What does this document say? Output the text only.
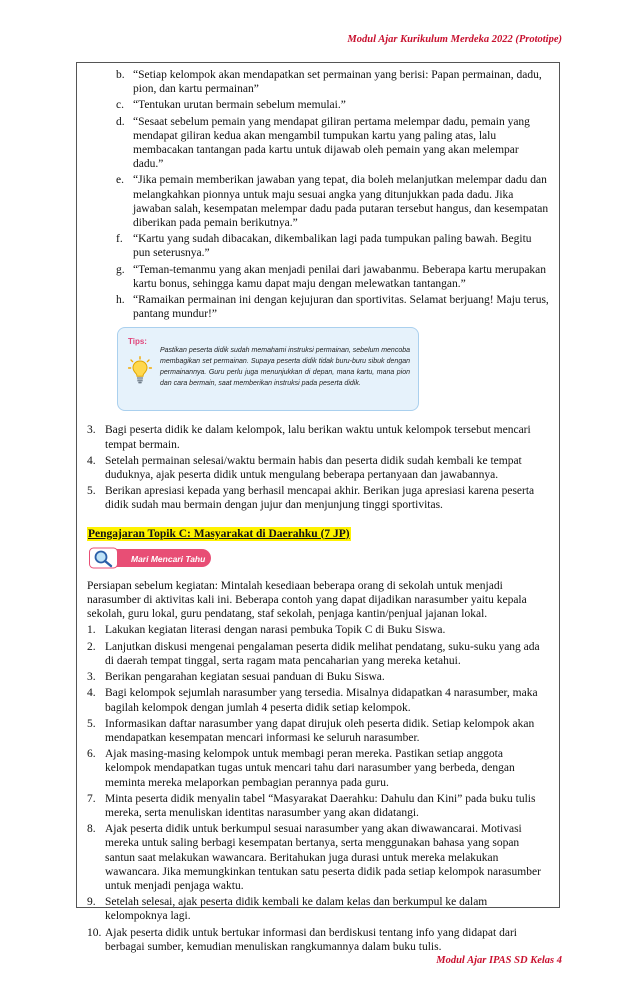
Modul Ajar Kurikulum Merdeka 2022 (Prototipe)
b. “Setiap kelompok akan mendapatkan set permainan yang berisi: Papan permainan, dadu, pion, dan kartu permainan”
c. “Tentukan urutan bermain sebelum memulai.”
d. “Sesaat sebelum pemain yang mendapat giliran pertama melempar dadu, pemain yang mendapat giliran kedua akan mengambil tumpukan kartu yang paling atas, lalu membacakan tantangan pada kartu untuk dijawab oleh pemain yang akan melempar dadu.”
e. “Jika pemain memberikan jawaban yang tepat, dia boleh melanjutkan melempar dadu dan melangkahkan pionnya untuk maju sesuai angka yang ditunjukkan pada dadu. Jika jawaban salah, kesempatan melempar dadu pada putaran tersebut hangus, dan kesempatan diberikan pada pemain berikutnya.”
f. “Kartu yang sudah dibacakan, dikembalikan lagi pada tumpukan paling bawah. Begitu pun seterusnya.”
g. “Teman-temanmu yang akan menjadi penilai dari jawabanmu. Beberapa kartu merupakan kartu bonus, sehingga kamu dapat maju dengan melewatkan tantangan.”
h. “Ramaikan permainan ini dengan kejujuran dan sportivitas. Selamat berjuang! Maju terus, pantang mundur!”
Tips:
Pastikan peserta didik sudah memahami instruksi permainan, sebelum mencoba membagikan set permainan. Supaya peserta didik tidak buru-buru sibuk dengan permainannya. Guru perlu juga menunjukkan di depan, mana kartu, mana pion dan cara bermain, saat memberikan instruksi pada peserta didik.
3. Bagi peserta didik ke dalam kelompok, lalu berikan waktu untuk kelompok tersebut mencari tempat bermain.
4. Setelah permainan selesai/waktu bermain habis dan peserta didik sudah kembali ke tempat duduknya, ajak peserta didik untuk mengulang beberapa pertanyaan dan jawabannya.
5. Berikan apresiasi kepada yang berhasil mencapai akhir. Berikan juga apresiasi karena peserta didik sudah mau bermain dengan jujur dan menjunjung tinggi sportivitas.
Pengajaran Topik C: Masyarakat di Daerahku (7 JP)
Mari Mencari Tahu

Persiapan sebelum kegiatan: Mintalah kesediaan beberapa orang di sekolah untuk menjadi narasumber di aktivitas kali ini. Beberapa contoh yang dapat dijadikan narasumber yaitu kepala sekolah, guru lokal, guru pendatang, staf sekolah, penjaga kantin/penjual jajanan lokal.

1. Lakukan kegiatan literasi dengan narasi pembuka Topik C di Buku Siswa.
2. Lanjutkan diskusi mengenai pengalaman peserta didik melihat pendatang, suku-suku yang ada di daerah tempat tinggal, serta ragam mata pencaharian yang mereka ketahui.
3. Berikan pengarahan kegiatan sesuai panduan di Buku Siswa.
4. Bagi kelompok sejumlah narasumber yang tersedia. Misalnya didapatkan 4 narasumber, maka bagilah kelompok dengan jumlah 4 peserta didik setiap kelompok.
5. Informasikan daftar narasumber yang dapat dirujuk oleh peserta didik. Setiap kelompok akan mendapatkan kesempatan mencari informasi ke seluruh narasumber.
6. Ajak masing-masing kelompok untuk membagi peran mereka. Pastikan setiap anggota kelompok mendapatkan tugas untuk mencari tahu dari narasumber yang berbeda, dengan meminta mereka melaporkan pembagian perannya pada guru.
7. Minta peserta didik menyalin tabel “Masyarakat Daerahku: Dahulu dan Kini” pada buku tulis mereka, serta menuliskan identitas narasumber yang akan didatangi.
8. Ajak peserta didik untuk berkumpul sesuai narasumber yang akan diwawancarai. Motivasi mereka untuk saling berbagi kesempatan bertanya, serta menggunakan bahasa yang sopan santun saat melakukan wawancara. Beritahukan juga durasi untuk mereka melakukan wawancara. Jika memungkinkan tentukan satu peserta didik pada setiap kelompok narasumber untuk menjadi penjaga waktu.
9. Setelah selesai, ajak peserta didik kembali ke dalam kelas dan berkumpul ke dalam kelompoknya lagi.
10. Ajak peserta didik untuk bertukar informasi dan berdiskusi tentang info yang didapat dari berbagai sumber, kemudian menuliskan rangkumannya dalam buku tulis.
Modul Ajar IPAS SD Kelas 4
